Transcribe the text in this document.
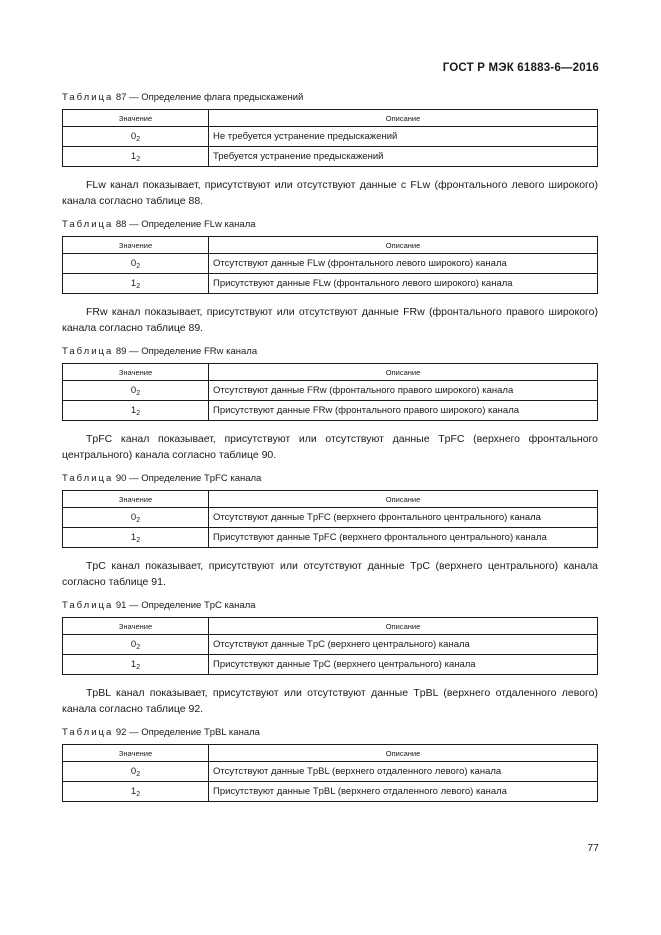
ГОСТ Р МЭК 61883-6—2016

Таблица 87 — Определение флага предыскажений

Значение	Описание
$0_2$	Не требуется устранение предыскажений
$1_2$	Требуется устранение предыскажений

FLw канал показывает, присутствуют или отсутствуют данные с FLw (фронтального левого широкого) канала согласно таблице 88.

Таблица 88 — Определение FLw канала

Значение	Описание
$0_2$	Отсутствуют данные FLw (фронтального левого широкого) канала
$1_2$	Присутствуют данные FLw (фронтального левого широкого) канала

FRw канал показывает, присутствуют или отсутствуют данные FRw (фронтального правого широкого) канала согласно таблице 89.

Таблица 89 — Определение FRw канала

Значение	Описание
$0_2$	Отсутствуют данные FRw (фронтального правого широкого) канала
$1_2$	Присутствуют данные FRw (фронтального правого широкого) канала

TpFC канал показывает, присутствуют или отсутствуют данные TpFC (верхнего фронтального центрального) канала согласно таблице 90.

Таблица 90 — Определение TpFC канала

Значение	Описание
$0_2$	Отсутствуют данные TpFC (верхнего фронтального центрального) канала
$1_2$	Присутствуют данные TpFC (верхнего фронтального центрального) канала

TpC канал показывает, присутствуют или отсутствуют данные TpC (верхнего центрального) канала согласно таблице 91.

Таблица 91 — Определение TpC канала

Значение	Описание
$0_2$	Отсутствуют данные TpC (верхнего центрального) канала
$1_2$	Присутствуют данные TpC (верхнего центрального) канала

TpBL канал показывает, присутствуют или отсутствуют данные TpBL (верхнего отдаленного левого) канала согласно таблице 92.

Таблица 92 — Определение TpBL канала

Значение	Описание
$0_2$	Отсутствуют данные TpBL (верхнего отдаленного левого) канала
$1_2$	Присутствуют данные TpBL (верхнего отдаленного левого) канала
77
